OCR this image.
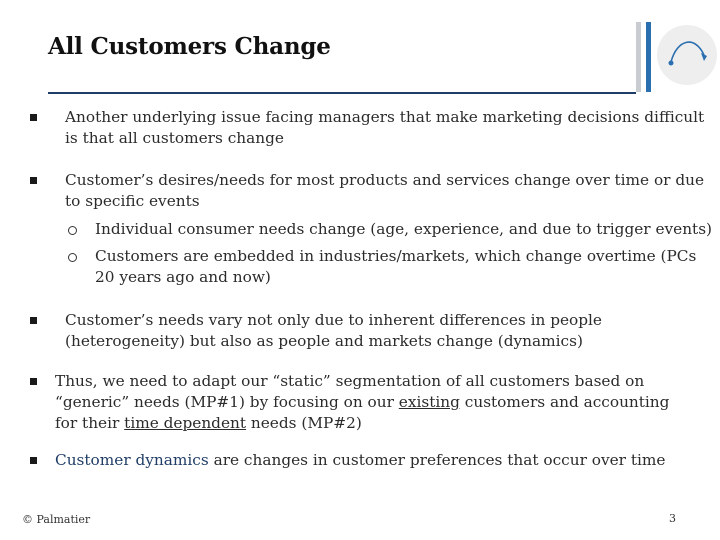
All Customers Change
Another underlying issue facing managers that make marketing decisions difficult is that all customers change
Customer’s desires/needs for most products and services change over time or due to specific events
Individual consumer needs change (age, experience, and due to trigger events)
Customers are embedded in industries/markets, which change overtime (PCs 20 years ago and now)
Customer’s needs vary not only due to inherent differences in people (heterogeneity) but also as people and markets change (dynamics)
Thus, we need to adapt our “static” segmentation of all customers based on “generic” needs (MP#1) by focusing on our existing customers and accounting for their time dependent needs (MP#2)
Customer dynamics are changes in customer preferences that occur over time
© Palmatier	3
